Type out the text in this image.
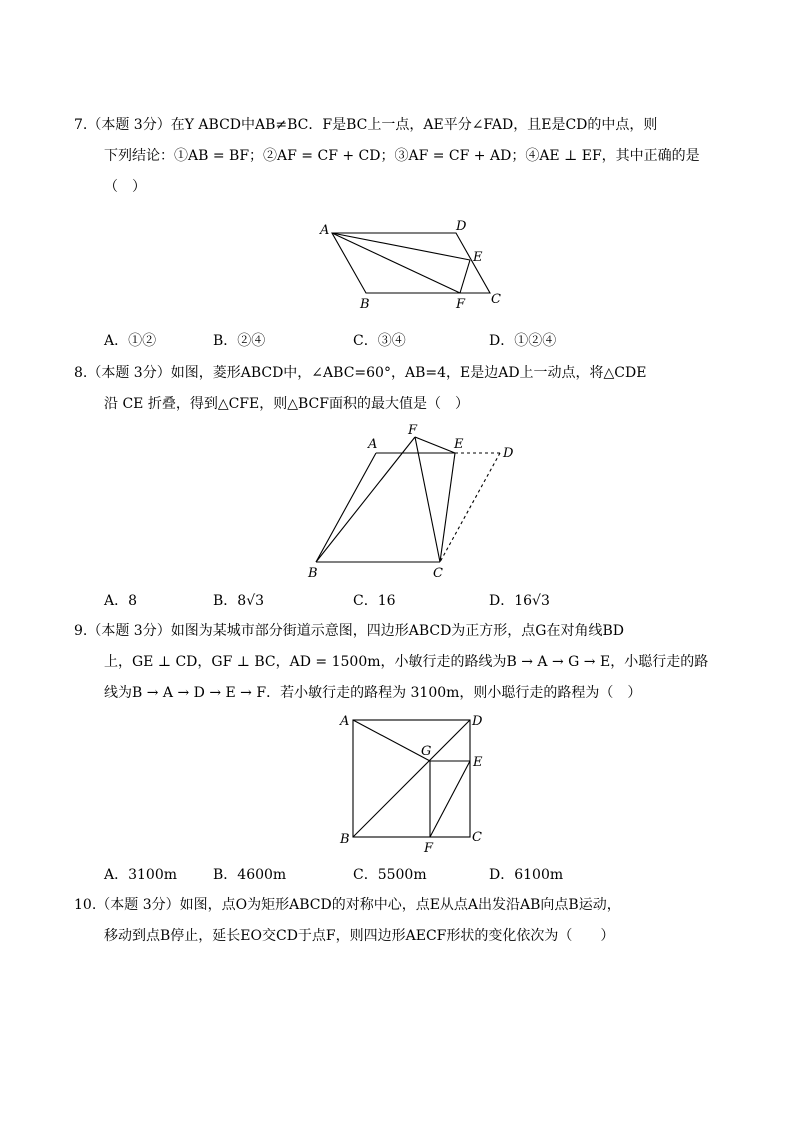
7.（本题 3分）在Y ABCD中AB≠BC．F是BC上一点，AE平分∠FAD，且E是CD的中点，则
下列结论：①AB = BF；②AF = CF + CD；③AF = CF + AD；④AE ⊥ EF，其中正确的是
（　）
A	D
E
B	F C
A．①②	B．②④	C．③④	D．①②④
8.（本题 3分）如图，菱形ABCD中，∠ABC=60°，AB=4，E是边AD上一动点，将△CDE
沿 CE 折叠，得到△CFE，则△BCF面积的最大值是（　）
A
F
E
D
B	C
A．8	B．8√3	C．16	D．16√3
9.（本题 3分）如图为某城市部分街道示意图，四边形ABCD为正方形，点G在对角线BD
上，GE ⊥ CD，GF ⊥ BC，AD = 1500m，小敏行走的路线为B → A → G → E，小聪行走的路
线为B → A → D → E → F．若小敏行走的路程为 3100m，则小聪行走的路程为（　）
A	D
G
E
B
F
C
A．3100m	B．4600m	C．5500m	D．6100m
10.（本题 3分）如图，点O为矩形ABCD的对称中心，点E从点A出发沿AB向点B运动，
移动到点B停止，延长EO交CD于点F，则四边形AECF形状的变化依次为（　　）
